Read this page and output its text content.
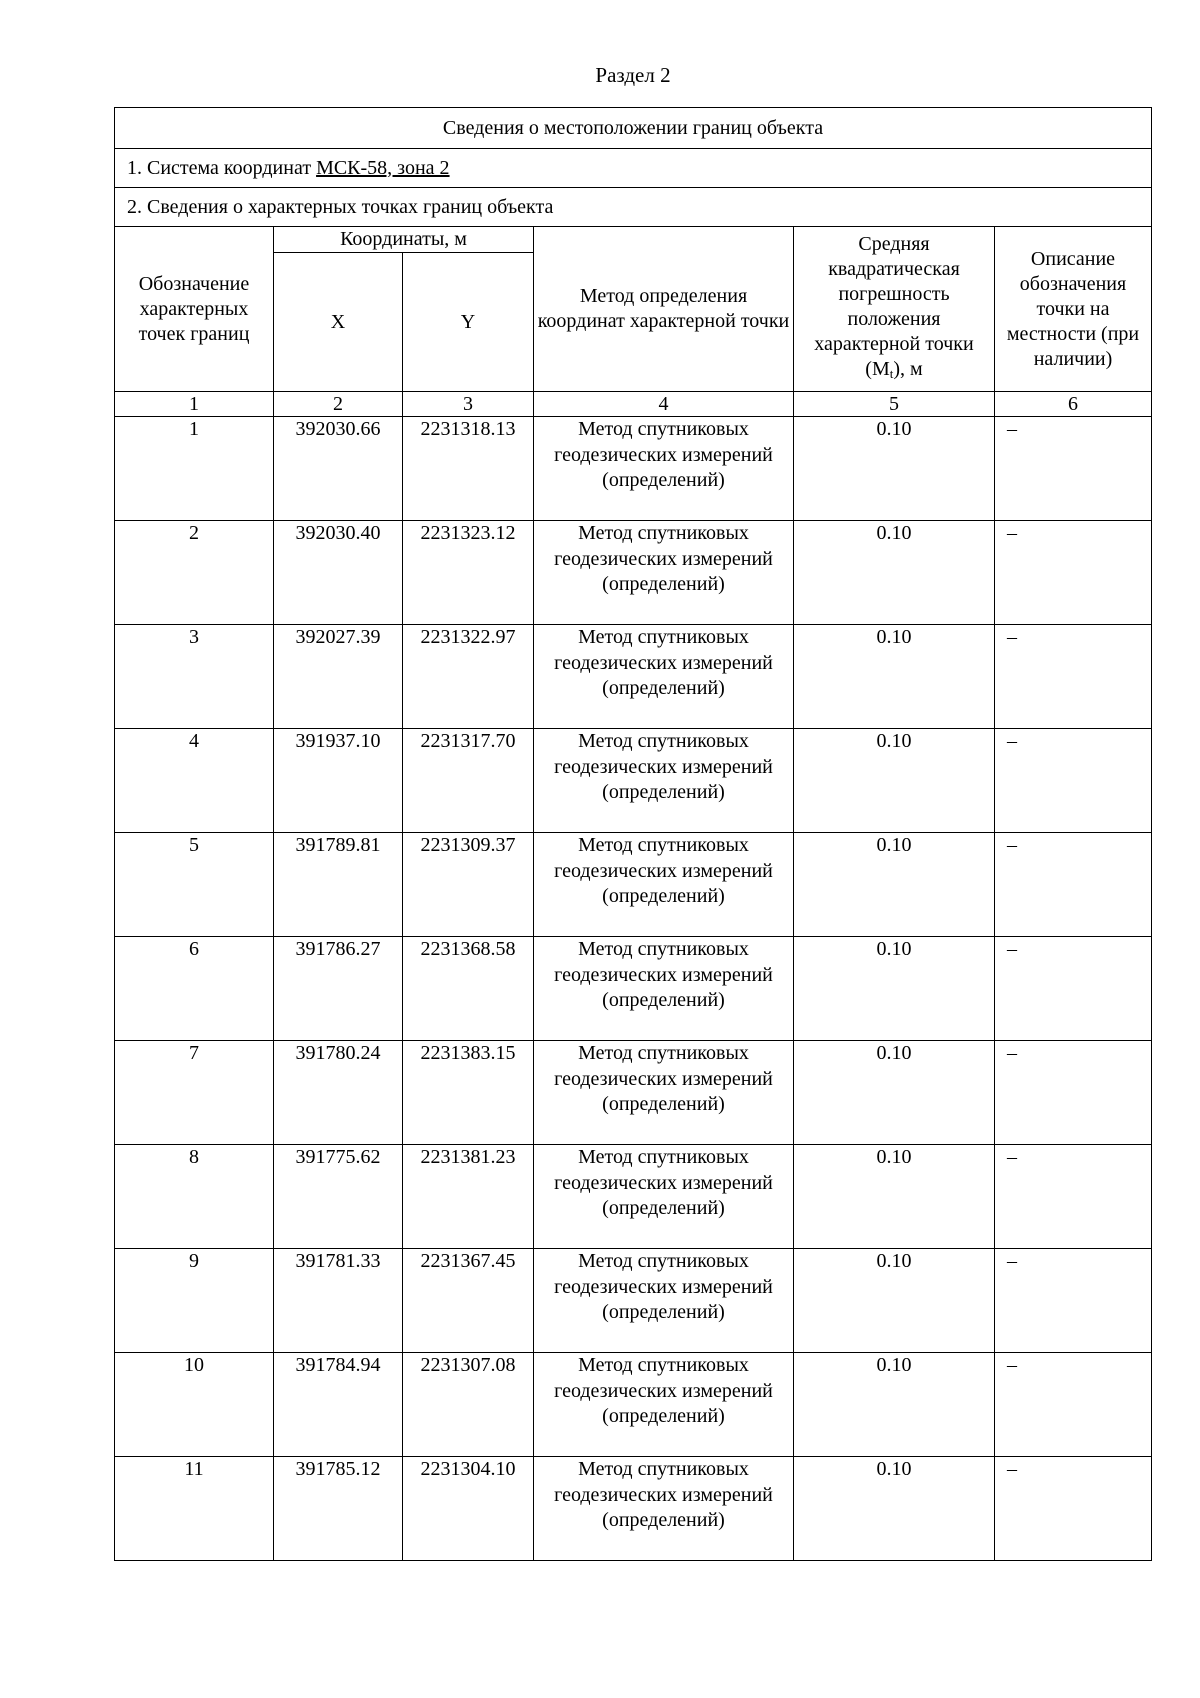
Раздел 2
Сведения о местоположении границ объекта					
1. Система координат МСК-58, зона 2					
2. Сведения о характерных точках границ объекта					
Обозначение характерных точек границ	Координаты, м		Метод определения координат характерной точки	Средняя квадратическая погрешность положения характерной точки $(M_t)$, м	Описание обозначения точки на местности (при наличии)
	X	Y			
1	2	3	4	5	6
1	392030.66	2231318.13	Метод спутниковых геодезических измерений (определений)	0.10	–
2	392030.40	2231323.12	Метод спутниковых геодезических измерений (определений)	0.10	–
3	392027.39	2231322.97	Метод спутниковых геодезических измерений (определений)	0.10	–
4	391937.10	2231317.70	Метод спутниковых геодезических измерений (определений)	0.10	–
5	391789.81	2231309.37	Метод спутниковых геодезических измерений (определений)	0.10	–
6	391786.27	2231368.58	Метод спутниковых геодезических измерений (определений)	0.10	–
7	391780.24	2231383.15	Метод спутниковых геодезических измерений (определений)	0.10	–
8	391775.62	2231381.23	Метод спутниковых геодезических измерений (определений)	0.10	–
9	391781.33	2231367.45	Метод спутниковых геодезических измерений (определений)	0.10	–
10	391784.94	2231307.08	Метод спутниковых геодезических измерений (определений)	0.10	–
11	391785.12	2231304.10	Метод спутниковых геодезических измерений (определений)	0.10	–
